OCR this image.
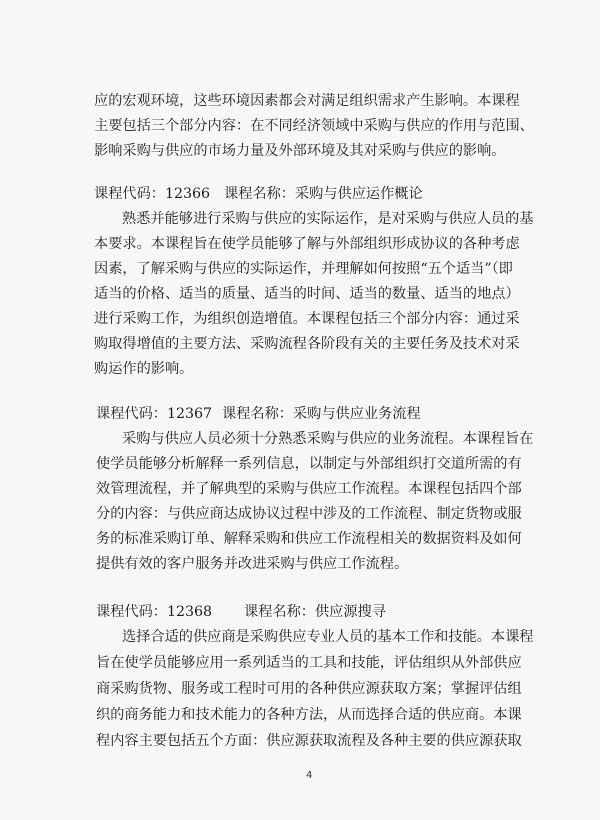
应的宏观环境，这些环境因素都会对满足组织需求产生影响。本课程
主要包括三个部分内容：在不同经济领域中采购与供应的作用与范围、
影响采购与供应的市场力量及外部环境及其对采购与供应的影响。
课程代码：12366 课程名称：采购与供应运作概论
熟悉并能够进行采购与供应的实际运作，是对采购与供应人员的基
本要求。本课程旨在使学员能够了解与外部组织形成协议的各种考虑
因素，了解采购与供应的实际运作，并理解如何按照“五个适当”（即
适当的价格、适当的质量、适当的时间、适当的数量、适当的地点）
进行采购工作，为组织创造增值。本课程包括三个部分内容：通过采
购取得增值的主要方法、采购流程各阶段有关的主要任务及技术对采
购运作的影响。
课程代码：12367 课程名称：采购与供应业务流程
采购与供应人员必须十分熟悉采购与供应的业务流程。本课程旨在
使学员能够分析解释一系列信息，以制定与外部组织打交道所需的有
效管理流程，并了解典型的采购与供应工作流程。本课程包括四个部
分的内容：与供应商达成协议过程中涉及的工作流程、制定货物或服
务的标准采购订单、解释采购和供应工作流程相关的数据资料及如何
提供有效的客户服务并改进采购与供应工作流程。
课程代码：12368 课程名称：供应源搜寻
选择合适的供应商是采购供应专业人员的基本工作和技能。本课程
旨在使学员能够应用一系列适当的工具和技能，评估组织从外部供应
商采购货物、服务或工程时可用的各种供应源获取方案；掌握评估组
织的商务能力和技术能力的各种方法，从而选择合适的供应商。本课
程内容主要包括五个方面：供应源获取流程及各种主要的供应源获取
4
